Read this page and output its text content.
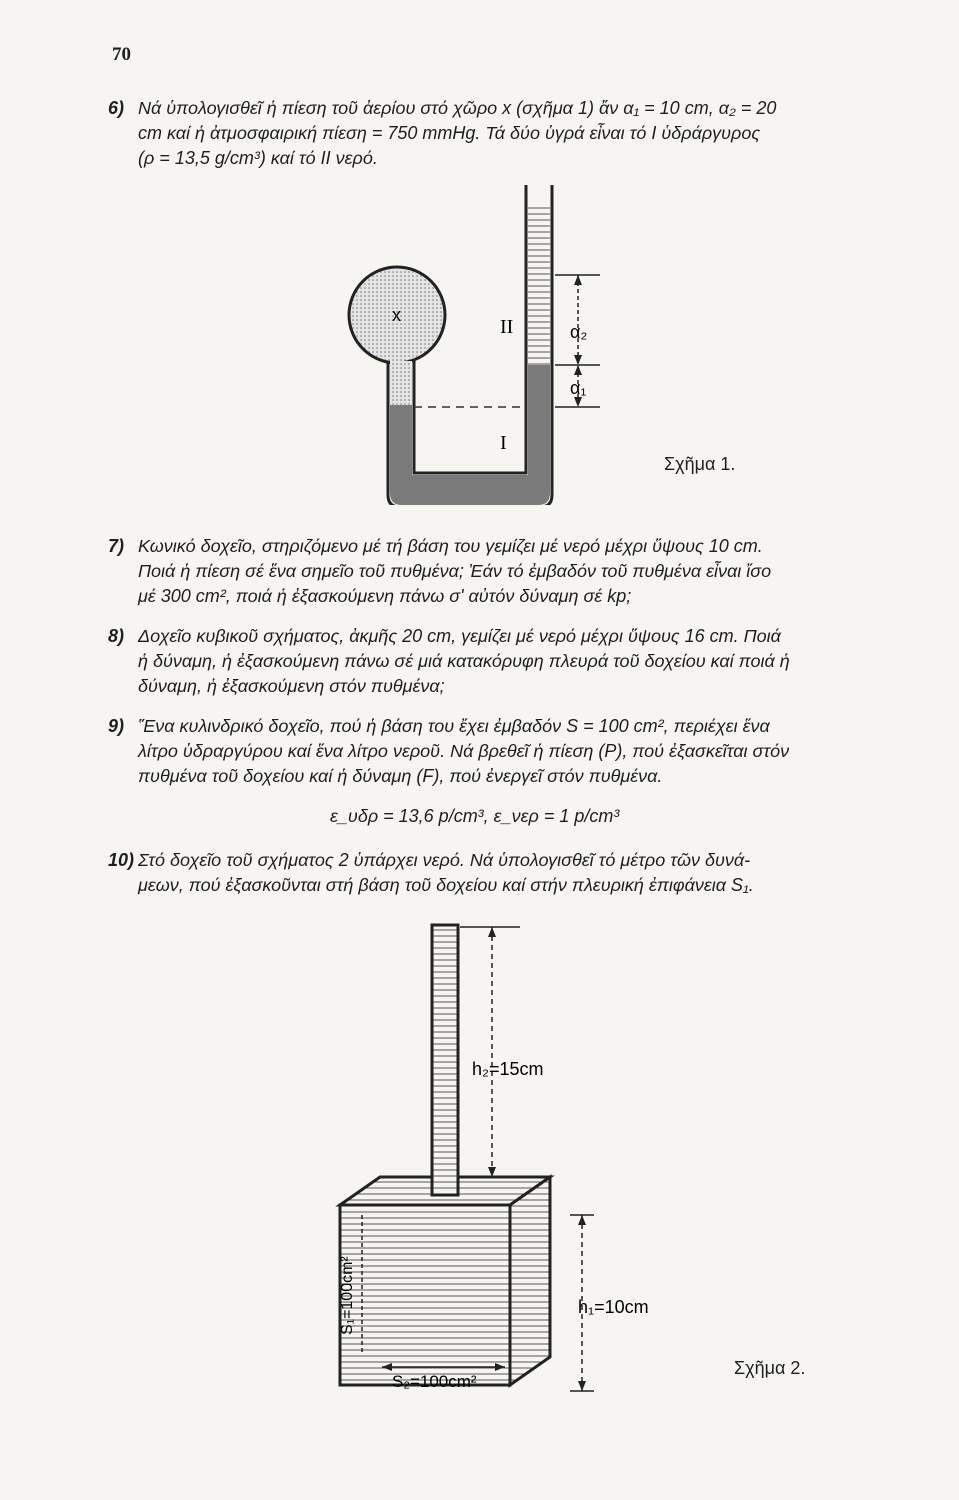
70
6) Νά ὑπολογισθεῖ ἡ πίεση τοῦ ἀερίου στό χῶρο x (σχῆμα 1) ἄν α₁ = 10 cm, α₂ = 20
cm καί ἡ ἀτμοσφαιρική πίεση = 750 mmHg. Τά δύο ὑγρά εἶναι τό I ὑδράργυρος
(ρ = 13,5 g/cm³) καί τό II νερό.
x
II
I
α₂
α₁
Σχῆμα 1.
7) Κωνικό δοχεῖο, στηριζόμενο μέ τή βάση του γεμίζει μέ νερό μέχρι ὕψους 10 cm.
Ποιά ἡ πίεση σέ ἕνα σημεῖο τοῦ πυθμένα; Ἐάν τό ἐμβαδόν τοῦ πυθμένα εἶναι ἴσο
μέ 300 cm², ποιά ἡ ἐξασκούμενη πάνω σ' αὐτόν δύναμη σέ kp;
8) Δοχεῖο κυβικοῦ σχήματος, ἀκμῆς 20 cm, γεμίζει μέ νερό μέχρι ὕψους 16 cm. Ποιά
ἡ δύναμη, ἡ ἐξασκούμενη πάνω σέ μιά κατακόρυφη πλευρά τοῦ δοχείου καί ποιά ἡ
δύναμη, ἡ ἐξασκούμενη στόν πυθμένα;
9) Ἕνα κυλινδρικό δοχεῖο, πού ἡ βάση του ἔχει ἐμβαδόν S = 100 cm², περιέχει ἕνα
λίτρο ὑδραργύρου καί ἕνα λίτρο νεροῦ. Νά βρεθεῖ ἡ πίεση (P), πού ἐξασκεῖται στόν
πυθμένα τοῦ δοχείου καί ἡ δύναμη (F), πού ἐνεργεῖ στόν πυθμένα.
ε_υδρ = 13,6 p/cm³, ε_νερ = 1 p/cm³
10) Στό δοχεῖο τοῦ σχήματος 2 ὑπάρχει νερό. Νά ὑπολογισθεῖ τό μέτρο τῶν δυνά-
μεων, πού ἐξασκοῦνται στή βάση τοῦ δοχείου καί στήν πλευρική ἐπιφάνεια S₁.
h₂=15cm
h₁=10cm
S₁=100cm²
S₂=100cm²
Σχῆμα 2.
